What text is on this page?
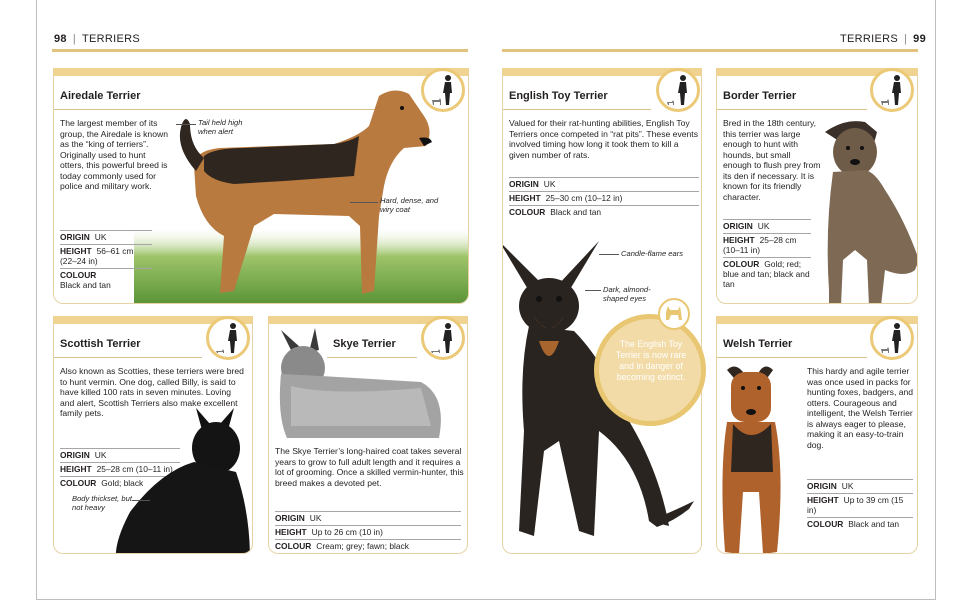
98 | TERRIERS	TERRIERS | 99
Airedale Terrier
The largest member of its group, the Airedale is known as the “king of terriers”. Originally used to hunt otters, this powerful breed is today commonly used for police and military work.
ORIGIN UK
HEIGHT 56–61 cm (22–24 in)
COLOUR
Black and tan
Tail held high when alert
Hard, dense, and wiry coat
English Toy Terrier
Valued for their rat-hunting abilities, English Toy Terriers once competed in “rat pits”. These events involved timing how long it took them to kill a given number of rats.
ORIGIN UK
HEIGHT 25–30 cm (10–12 in)
COLOUR Black and tan
Candle-flame ears
Dark, almond-shaped eyes
The English Toy Terrier is now rare and in danger of becoming extinct.
Border Terrier
Bred in the 18th century, this terrier was large enough to hunt with hounds, but small enough to flush prey from its den if necessary. It is known for its friendly character.
ORIGIN UK
HEIGHT 25–28 cm (10–11 in)
COLOUR Gold; red; blue and tan; black and tan
Scottish Terrier
Also known as Scotties, these terriers were bred to hunt vermin. One dog, called Billy, is said to have killed 100 rats in seven minutes. Loving and alert, Scottish Terriers also make excellent family pets.
ORIGIN UK
HEIGHT 25–28 cm (10–11 in)
COLOUR Gold; black
Body thickset, but not heavy
Skye Terrier
The Skye Terrier’s long-haired coat takes several years to grow to full adult length and it requires a lot of grooming. Once a skilled vermin-hunter, this breed makes a devoted pet.
ORIGIN UK
HEIGHT Up to 26 cm (10 in)
COLOUR Cream; grey; fawn; black
Welsh Terrier
This hardy and agile terrier was once used in packs for hunting foxes, badgers, and otters. Courageous and intelligent, the Welsh Terrier is always eager to please, making it an easy-to-train dog.
ORIGIN UK
HEIGHT Up to 39 cm (15 in)
COLOUR Black and tan
